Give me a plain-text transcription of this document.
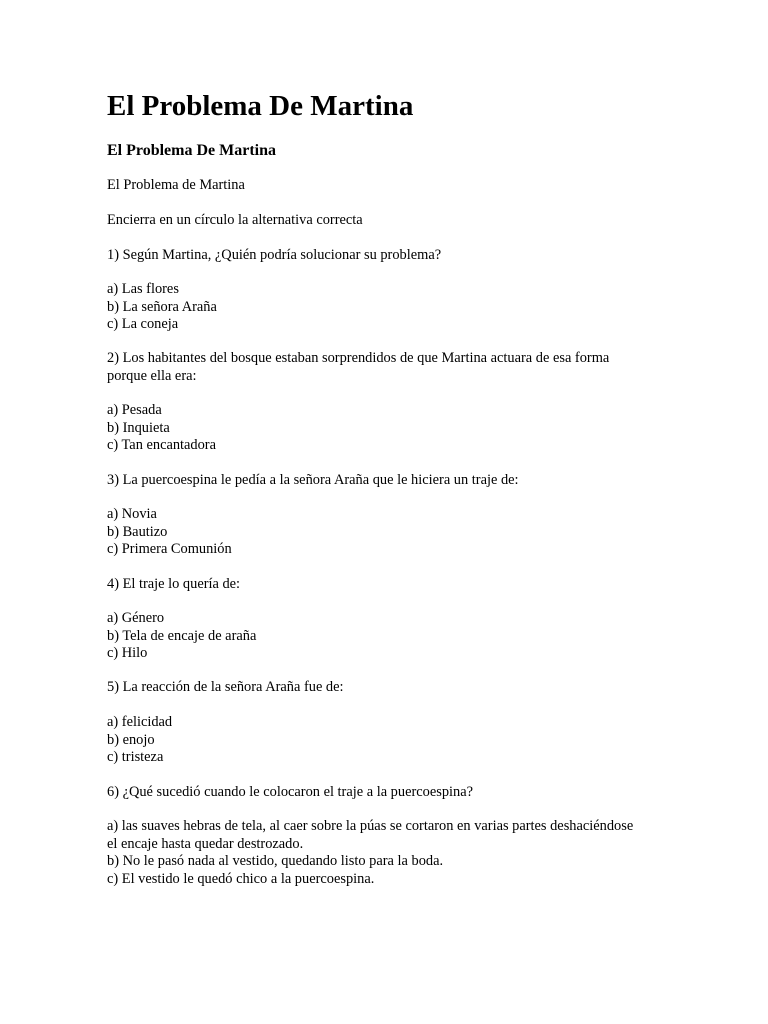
El Problema De Martina
El Problema De Martina

El Problema de Martina

Encierra en un círculo la alternativa correcta

1) Según Martina, ¿Quién podría solucionar su problema?

a) Las flores

b) La señora Araña

c) La coneja

2) Los habitantes del bosque estaban sorprendidos de que Martina actuara de esa forma

porque ella era:

a) Pesada

b) Inquieta

c) Tan encantadora

3) La puercoespina le pedía a la señora Araña que le hiciera un traje de:

a) Novia

b) Bautizo

c) Primera Comunión

4) El traje lo quería de:

a) Género

b) Tela de encaje de araña

c) Hilo

5) La reacción de la señora Araña fue de:

a) felicidad

b) enojo

c) tristeza

6) ¿Qué sucedió cuando le colocaron el traje a la puercoespina?

a) las suaves hebras de tela, al caer sobre la púas se cortaron en varias partes deshaciéndose

el encaje hasta quedar destrozado.

b) No le pasó nada al vestido, quedando listo para la boda.

c) El vestido le quedó chico a la puercoespina.
